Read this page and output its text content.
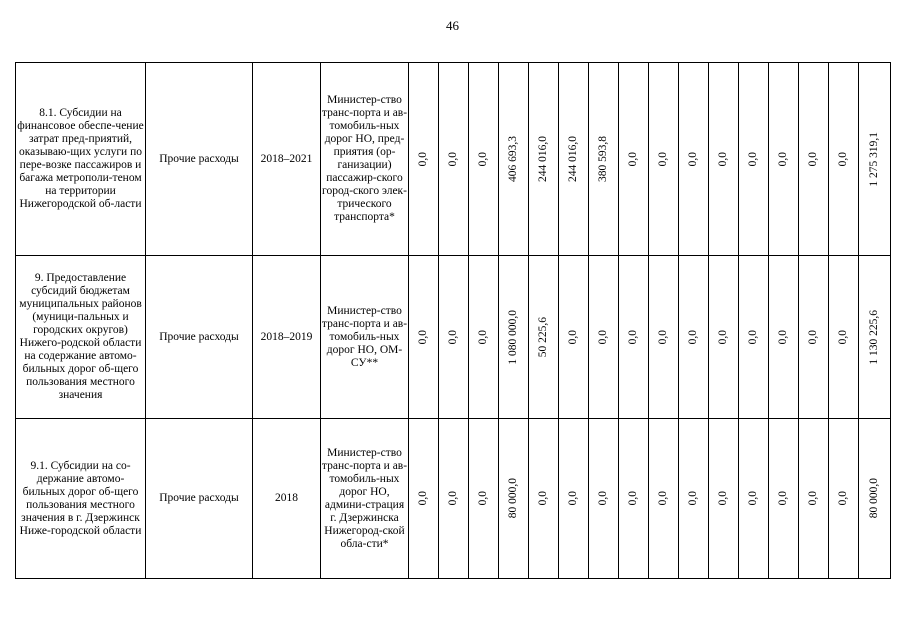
46
8.1. Субсидии на финансовое обеспе-чение затрат пред-приятий, оказываю-щих услуги по пере-возке пассажиров и багажа метрополи-теном на территории Нижегородской об-ласти	Прочие расходы	2018–2021	Министер-ство транс-порта и ав-томобиль-ных дорог НО, пред-приятия (ор-ганизации) пассажир-ского город-ского элек-трического транспорта*	0,0	0,0	0,0	406 693,3	244 016,0	244 016,0	380 593,8	0,0	0,0	0,0	0,0	0,0	0,0	0,0	0,0	1 275 319,1

9. Предоставление субсидий бюджетам муниципальных районов (муници-пальных и городских округов) Нижего-родской области на содержание автомо-бильных дорог об-щего пользования местного значения	Прочие расходы	2018–2019	Министер-ство транс-порта и ав-томобиль-ных дорог НО, ОМ-СУ**	0,0	0,0	0,0	1 080 000,0	50 225,6	0,0	0,0	0,0	0,0	0,0	0,0	0,0	0,0	0,0	0,0	1 130 225,6

9.1. Субсидии на со-держание автомо-бильных дорог об-щего пользования местного значения в г. Дзержинск Ниже-городской области	Прочие расходы	2018	Министер-ство транс-порта и ав-томобиль-ных дорог НО, админи-страция г. Дзержинска Нижегород-ской обла-сти*	0,0	0,0	0,0	80 000,0	0,0	0,0	0,0	0,0	0,0	0,0	0,0	0,0	0,0	0,0	0,0	80 000,0
